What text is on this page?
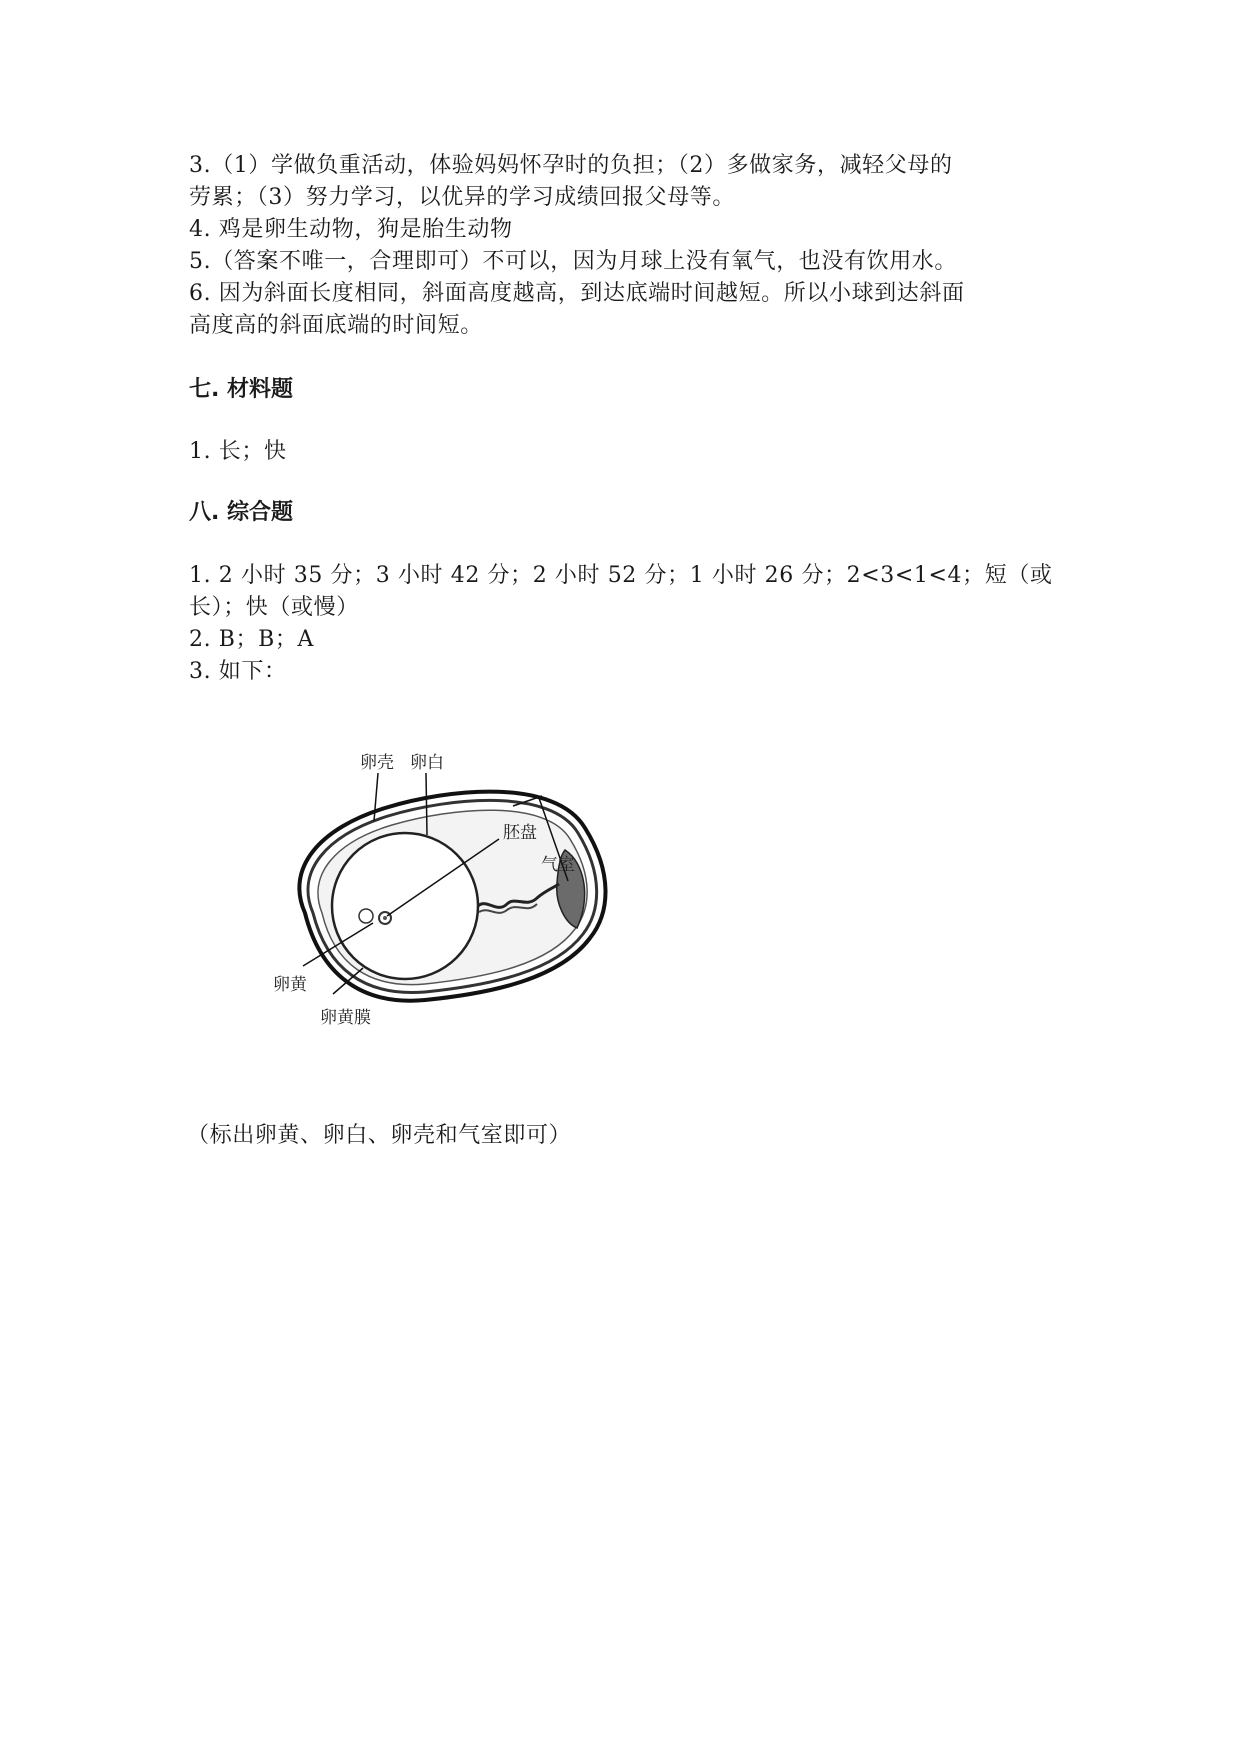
3.（1）学做负重活动，体验妈妈怀孕时的负担；（2）多做家务，减轻父母的
劳累；（3）努力学习，以优异的学习成绩回报父母等。
4. 鸡是卵生动物，狗是胎生动物
5.（答案不唯一，合理即可）不可以，因为月球上没有氧气，也没有饮用水。
6. 因为斜面长度相同，斜面高度越高，到达底端时间越短。所以小球到达斜面
高度高的斜面底端的时间短。
七. 材料题
1. 长；快
八. 综合题
1. 2 小时 35 分；3 小时 42 分；2 小时 52 分；1 小时 26 分；2<3<1<4；短（或
长）；快（或慢）
2. B；B；A
3. 如下：
卵壳 卵白
胚盘
气室
卵黄
卵黄膜
（标出卵黄、卵白、卵壳和气室即可）
